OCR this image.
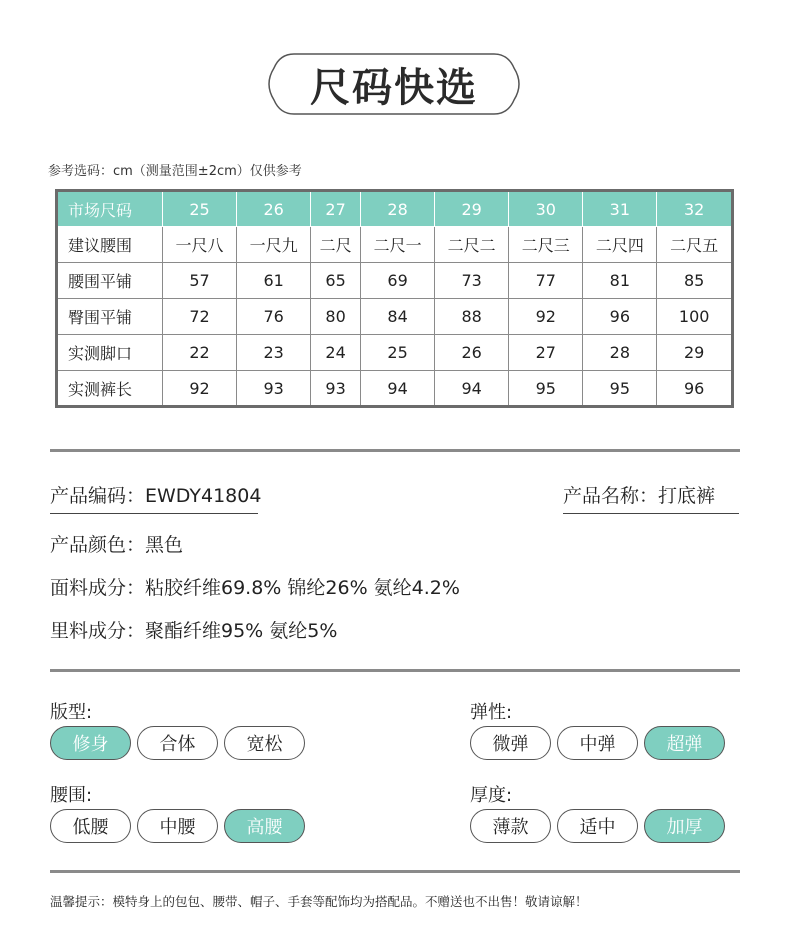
尺码快选
参考选码：cm（测量范围±2cm）仅供参考
市场尺码	25	26	27	28	29	30	31	32
建议腰围	一尺八	一尺九	二尺	二尺一	二尺二	二尺三	二尺四	二尺五
腰围平铺	57	61	65	69	73	77	81	85
臀围平铺	72	76	80	84	88	92	96	100
实测脚口	22	23	24	25	26	27	28	29
实测裤长	92	93	93	94	94	95	95	96
产品编码：EWDY41804	产品名称：打底裤
产品颜色：黑色
面料成分：粘胶纤维69.8% 锦纶26% 氨纶4.2%
里料成分：聚酯纤维95% 氨纶5%
版型:
修身	合体	宽松
弹性:
微弹	中弹	超弹
腰围:
低腰	中腰	高腰
厚度:
薄款	适中	加厚
温馨提示：模特身上的包包、腰带、帽子、手套等配饰均为搭配品。不赠送也不出售！敬请谅解！
